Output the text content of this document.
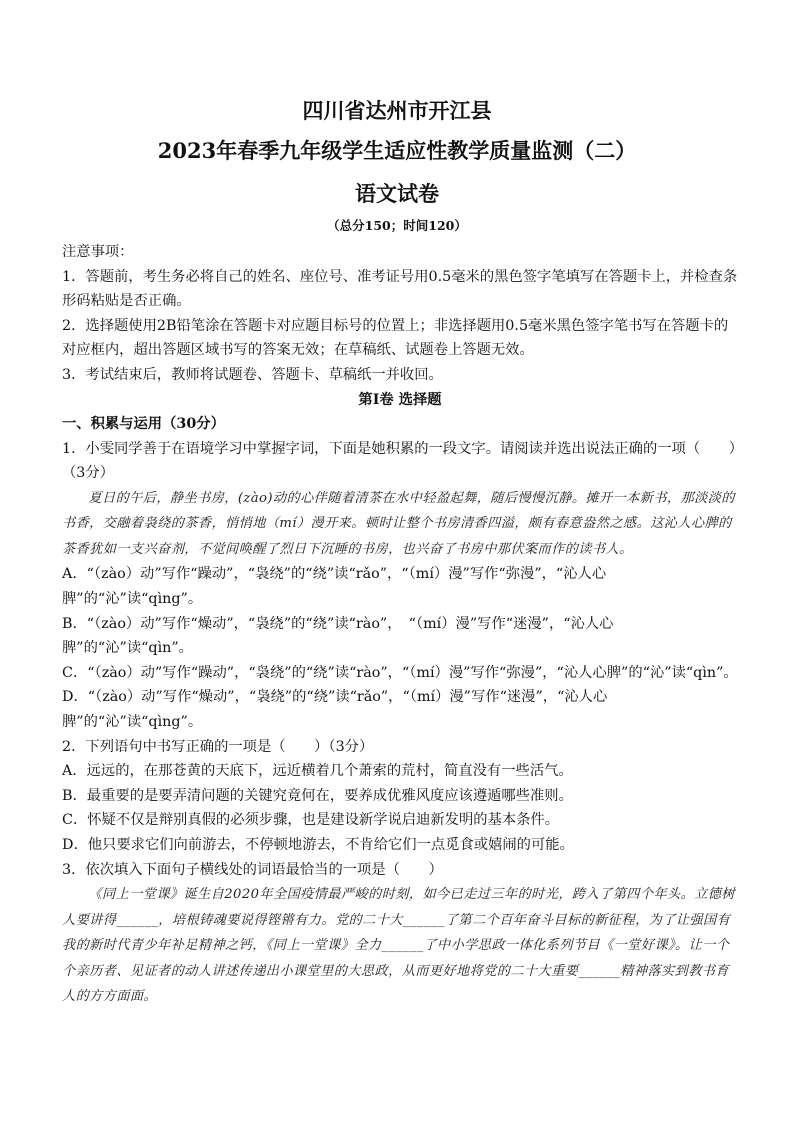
四川省达州市开江县
2023年春季九年级学生适应性教学质量监测（二）
语文试卷
（总分150；时间120）

注意事项：

1．答题前，考生务必将自己的姓名、座位号、准考证号用0.5毫米的黑色签字笔填写在答题卡上，并检查条形码粘贴是否正确。

2．选择题使用2B铅笔涂在答题卡对应题目标号的位置上；非选择题用0.5毫米黑色签字笔书写在答题卡的对应框内，超出答题区域书写的答案无效；在草稿纸、试题卷上答题无效。

3．考试结束后，教师将试题卷、答题卡、草稿纸一并收回。

第Ⅰ卷 选择题

一、积累与运用（30分）

1．小雯同学善于在语境学习中掌握字词，下面是她积累的一段文字。请阅读并选出说法正确的一项（　　）（3分）

夏日的午后，静坐书房，(zào)动的心伴随着清茶在水中轻盈起舞，随后慢慢沉静。摊开一本新书，那淡淡的书香，交融着袅绕的茶香，悄悄地（mí）漫开来。顿时让整个书房清香四溢，颇有春意盎然之感。这沁人心脾的茶香犹如一支兴奋剂，不觉间唤醒了烈日下沉睡的书房，也兴奋了书房中那伏案而作的读书人。

A．“（zào）动”写作“躁动”，“袅绕”的“绕”读“rǎo”，“（mí）漫”写作“弥漫”，“沁人心脾”的“沁”读“qìng”。

B．“（zào）动”写作“燥动”，“袅绕”的“绕”读“rào”，　“（mí）漫”写作“迷漫”，“沁人心脾”的“沁”读“qìn”。

C．“（zào）动”写作“躁动”，“袅绕”的“绕”读“rào”，“（mí）漫”写作“弥漫”，“沁人心脾”的“沁”读“qìn”。

D．“（zào）动”写作“燥动”，“袅绕”的“绕”读“rǎo”，“（mí）漫”写作“迷漫”，“沁人心脾”的“沁”读“qìng”。

2．下列语句中书写正确的一项是（　　）（3分）

A．远远的，在那苍黄的天底下，远近横着几个萧索的荒村，简直没有一些活气。

B．最重要的是要弄清问题的关键究竟何在，要养成优雅风度应该遵遁哪些准则。

C．怀疑不仅是辩别真假的必须步骤，也是建设新学说启迪新发明的基本条件。

D．他只要求它们向前游去，不停顿地游去，不肯给它们一点觅食或嬉闹的可能。

3．依次填入下面句子横线处的词语最恰当的一项是（　　）

《同上一堂课》诞生自2020年全国疫情最严峻的时刻，如今已走过三年的时光，跨入了第四个年头。立德树人要讲得______，培根铸魂要说得铿锵有力。党的二十大______了第二个百年奋斗目标的新征程，为了让强国有我的新时代青少年补足精神之钙，《同上一堂课》全力______了中小学思政一体化系列节目《一堂好课》。让一个个亲历者、见证者的动人讲述传递出小课堂里的大思政，从而更好地将党的二十大重要______精神落实到教书育人的方方面面。
